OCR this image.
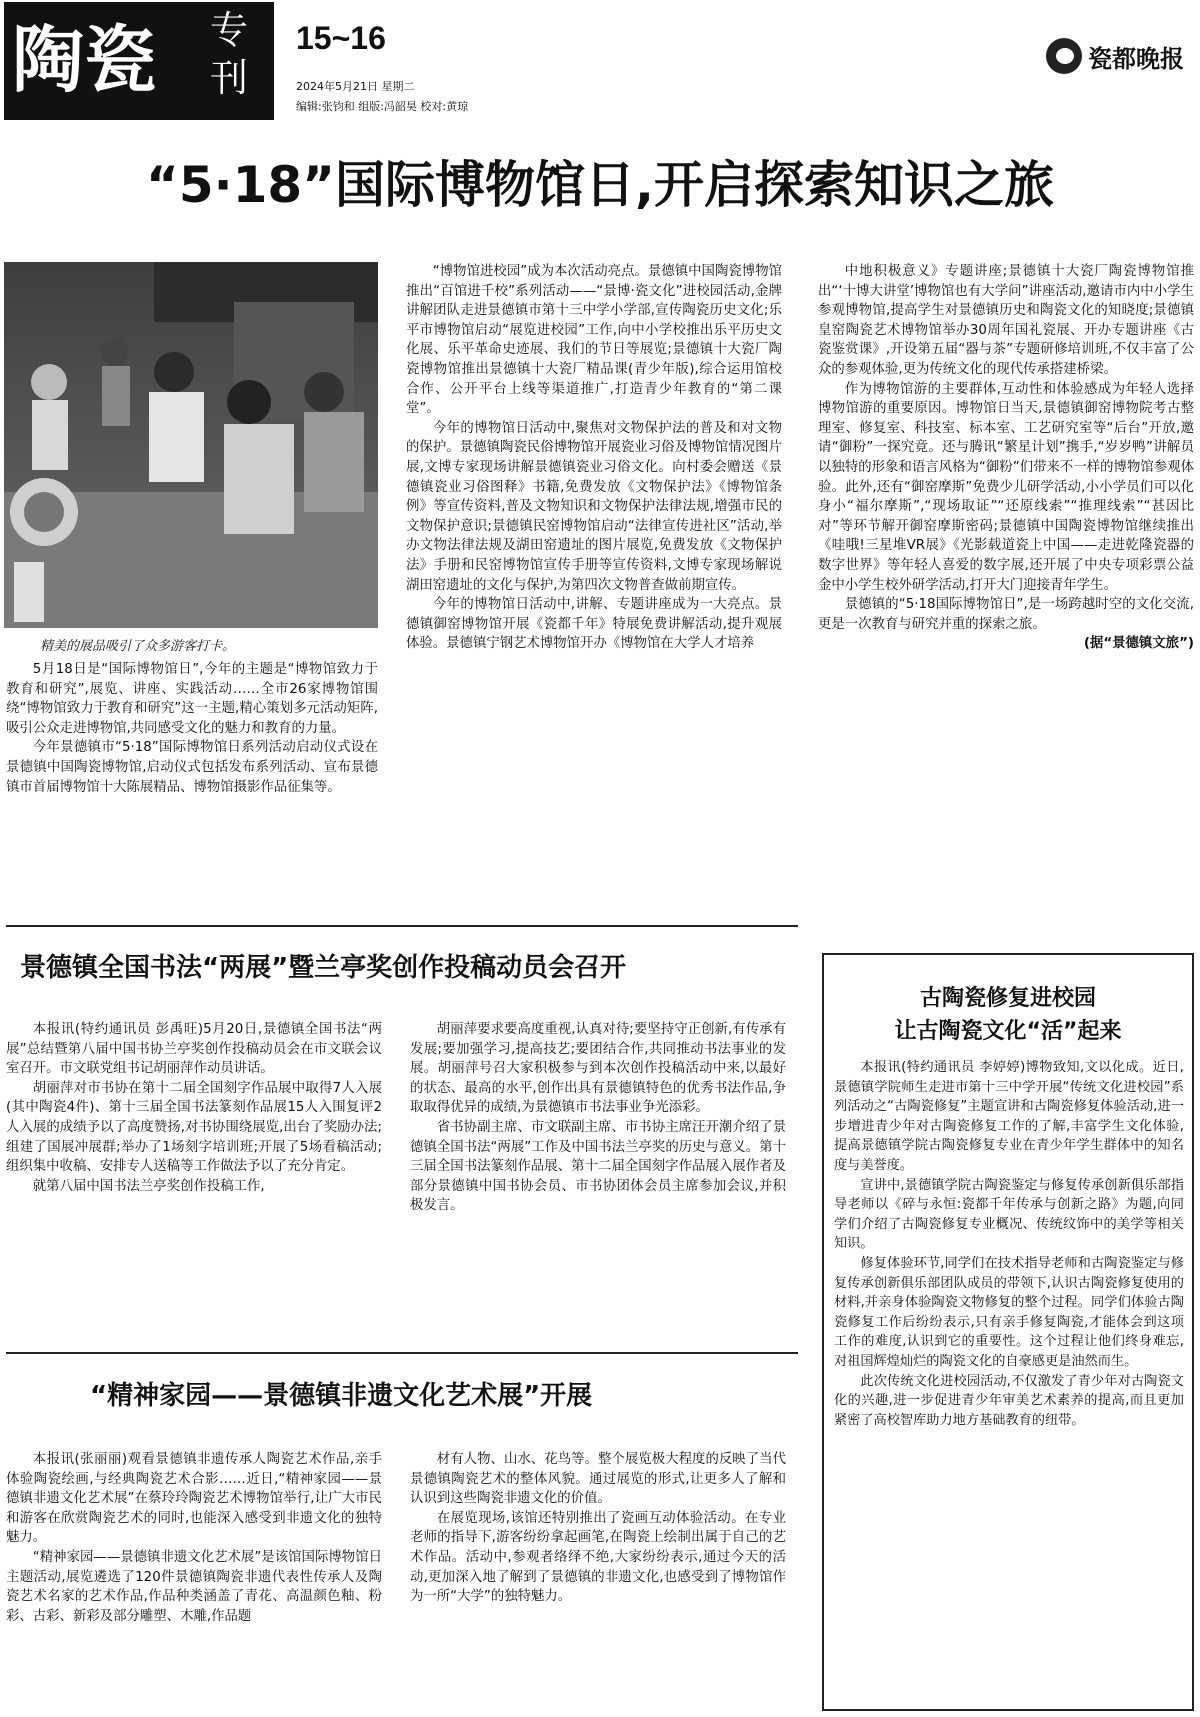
陶瓷 专刊
15~16
2024年5月21日 星期二
编辑:张钧和 组版:冯韶昊 校对:黄琼
瓷都晚报
“5·18”国际博物馆日,开启探索知识之旅
精美的展品吸引了众多游客打卡。

5月18日是“国际博物馆日”,今年的主题是“博物馆致力于教育和研究”,展览、讲座、实践活动……全市26家博物馆围绕“博物馆致力于教育和研究”这一主题,精心策划多元活动矩阵,吸引公众走进博物馆,共同感受文化的魅力和教育的力量。

今年景德镇市“5·18”国际博物馆日系列活动启动仪式设在景德镇中国陶瓷博物馆,启动仪式包括发布系列活动、宣布景德镇市首届博物馆十大陈展精品、博物馆摄影作品征集等。

“博物馆进校园”成为本次活动亮点。景德镇中国陶瓷博物馆推出“百馆进千校”系列活动——“景博·瓷文化”进校园活动,金牌讲解团队走进景德镇市第十三中学小学部,宣传陶瓷历史文化;乐平市博物馆启动“展览进校园”工作,向中小学校推出乐平历史文化展、乐平革命史迹展、我们的节日等展览;景德镇十大瓷厂陶瓷博物馆推出景德镇十大瓷厂精品课(青少年版),综合运用馆校合作、公开平台上线等渠道推广,打造青少年教育的“第二课堂”。

今年的博物馆日活动中,聚焦对文物保护法的普及和对文物的保护。景德镇陶瓷民俗博物馆开展瓷业习俗及博物馆情况图片展,文博专家现场讲解景德镇瓷业习俗文化。向村委会赠送《景德镇瓷业习俗图释》书籍,免费发放《文物保护法》《博物馆条例》等宣传资料,普及文物知识和文物保护法律法规,增强市民的文物保护意识;景德镇民窑博物馆启动“法律宣传进社区”活动,举办文物法律法规及湖田窑遗址的图片展览,免费发放《文物保护法》手册和民窑博物馆宣传手册等宣传资料,文博专家现场解说湖田窑遗址的文化与保护,为第四次文物普查做前期宣传。

今年的博物馆日活动中,讲解、专题讲座成为一大亮点。景德镇御窑博物馆开展《瓷都千年》特展免费讲解活动,提升观展体验。景德镇宁钢艺术博物馆开办《博物馆在大学人才培养

中地积极意义》专题讲座;景德镇十大瓷厂陶瓷博物馆推出“‘十博大讲堂’博物馆也有大学问”讲座活动,邀请市内中小学生参观博物馆,提高学生对景德镇历史和陶瓷文化的知晓度;景德镇皇窑陶瓷艺术博物馆举办30周年国礼瓷展、开办专题讲座《古瓷鉴赏课》,开设第五届“器与茶”专题研修培训班,不仅丰富了公众的参观体验,更为传统文化的现代传承搭建桥梁。

作为博物馆游的主要群体,互动性和体验感成为年轻人选择博物馆游的重要原因。博物馆日当天,景德镇御窑博物院考古整理室、修复室、科技室、标本室、工艺研究室等“后台”开放,邀请“御粉”一探究竟。还与腾讯“繁星计划”携手,“岁岁鸭”讲解员以独特的形象和语言风格为“御粉”们带来不一样的博物馆参观体验。此外,还有“御窑摩斯”免费少儿研学活动,小小学员们可以化身小“福尔摩斯”,“现场取证”“还原线索”“推理线索”“甚因比对”等环节解开御窑摩斯密码;景德镇中国陶瓷博物馆继续推出《哇哦!三星堆VR展》《光影载道瓷上中国——走进乾隆瓷器的数字世界》等年轻人喜爱的数字展,还开展了中央专项彩票公益金中小学生校外研学活动,打开大门迎接青年学生。

景德镇的“5·18国际博物馆日”,是一场跨越时空的文化交流,更是一次教育与研究并重的探索之旅。

(据“景德镇文旅”)
景德镇全国书法“两展”暨兰亭奖创作投稿动员会召开

本报讯(特约通讯员 彭禹旺)5月20日,景德镇全国书法“两展”总结暨第八届中国书协兰亭奖创作投稿动员会在市文联会议室召开。市文联党组书记胡丽萍作动员讲话。

胡丽萍对市书协在第十二届全国刻字作品展中取得7人入展(其中陶瓷4件)、第十三届全国书法篆刻作品展15人入围复评2人入展的成绩予以了高度赞扬,对书协围绕展览,出台了奖励办法;组建了国展冲展群;举办了1场刻字培训班;开展了5场看稿活动;组织集中收稿、安排专人送稿等工作做法予以了充分肯定。

就第八届中国书法兰亭奖创作投稿工作,

胡丽萍要求要高度重视,认真对待;要坚持守正创新,有传承有发展;要加强学习,提高技艺;要团结合作,共同推动书法事业的发展。胡丽萍号召大家积极参与到本次创作投稿活动中来,以最好的状态、最高的水平,创作出具有景德镇特色的优秀书法作品,争取取得优异的成绩,为景德镇市书法事业争光添彩。

省书协副主席、市文联副主席、市书协主席汪开潮介绍了景德镇全国书法“两展”工作及中国书法兰亭奖的历史与意义。第十三届全国书法篆刻作品展、第十二届全国刻字作品展入展作者及部分景德镇中国书协会员、市书协团体会员主席参加会议,并积极发言。

“精神家园——景德镇非遗文化艺术展”开展

本报讯(张丽丽)观看景德镇非遗传承人陶瓷艺术作品,亲手体验陶瓷绘画,与经典陶瓷艺术合影……近日,“精神家园——景德镇非遗文化艺术展”在蔡玲玲陶瓷艺术博物馆举行,让广大市民和游客在欣赏陶瓷艺术的同时,也能深入感受到非遗文化的独特魅力。

“精神家园——景德镇非遗文化艺术展”是该馆国际博物馆日主题活动,展览遴选了120件景德镇陶瓷非遗代表性传承人及陶瓷艺术名家的艺术作品,作品种类涵盖了青花、高温颜色釉、粉彩、古彩、新彩及部分雕塑、木雕,作品题

材有人物、山水、花鸟等。整个展览极大程度的反映了当代景德镇陶瓷艺术的整体风貌。通过展览的形式,让更多人了解和认识到这些陶瓷非遗文化的价值。

在展览现场,该馆还特别推出了瓷画互动体验活动。在专业老师的指导下,游客纷纷拿起画笔,在陶瓷上绘制出属于自己的艺术作品。活动中,参观者络绎不绝,大家纷纷表示,通过今天的活动,更加深入地了解到了景德镇的非遗文化,也感受到了博物馆作为一所“大学”的独特魅力。

古陶瓷修复进校园
让古陶瓷文化“活”起来

本报讯(特约通讯员 李婷婷)博物致知,文以化成。近日,景德镇学院师生走进市第十三中学开展“传统文化进校园”系列活动之“古陶瓷修复”主题宣讲和古陶瓷修复体验活动,进一步增进青少年对古陶瓷修复工作的了解,丰富学生文化体验,提高景德镇学院古陶瓷修复专业在青少年学生群体中的知名度与美誉度。

宣讲中,景德镇学院古陶瓷鉴定与修复传承创新俱乐部指导老师以《碎与永恒:瓷都千年传承与创新之路》为题,向同学们介绍了古陶瓷修复专业概况、传统纹饰中的美学等相关知识。

修复体验环节,同学们在技术指导老师和古陶瓷鉴定与修复传承创新俱乐部团队成员的带领下,认识古陶瓷修复使用的材料,并亲身体验陶瓷文物修复的整个过程。同学们体验古陶瓷修复工作后纷纷表示,只有亲手修复陶瓷,才能体会到这项工作的难度,认识到它的重要性。这个过程让他们终身难忘,对祖国辉煌灿烂的陶瓷文化的自豪感更是油然而生。

此次传统文化进校园活动,不仅激发了青少年对古陶瓷文化的兴趣,进一步促进青少年审美艺术素养的提高,而且更加紧密了高校智库助力地方基础教育的纽带。
